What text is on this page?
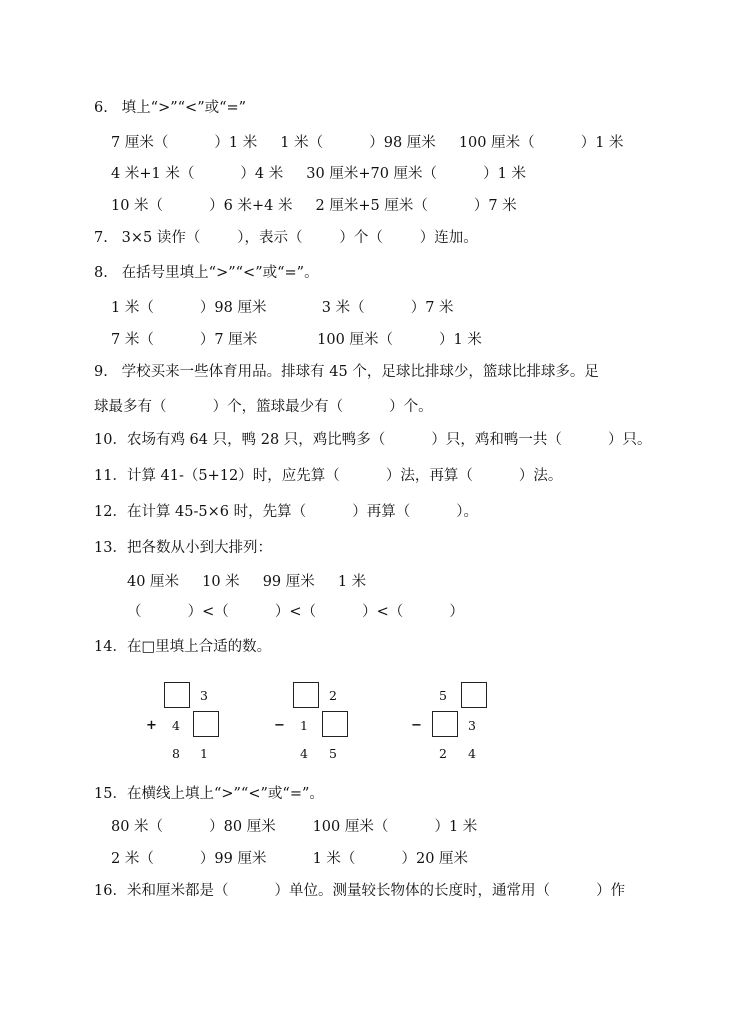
6.   填上“>”“<”或“=”
7 厘米（          ）1 米     1 米（          ）98 厘米     100 厘米（          ）1 米
4 米+1 米（          ）4 米     30 厘米+70 厘米（          ）1 米
10 米（          ）6 米+4 米     2 厘米+5 厘米（          ）7 米
7.   3×5 读作（        ），表示（        ）个（        ）连加。
8.   在括号里填上“>”“<”或“=”。
1 米（          ）98 厘米            3 米（          ）7 米
7 米（          ）7 厘米             100 厘米（          ）1 米
9.   学校买来一些体育用品。排球有 45 个，足球比排球少，篮球比排球多。足
球最多有（          ）个，篮球最少有（          ）个。
10．农场有鸡 64 只，鸭 28 只，鸡比鸭多（          ）只，鸡和鸭一共（          ）只。
11．计算 41-（5+12）时，应先算（          ）法，再算（          ）法。
12．在计算 45-5×6 时，先算（          ）再算（          ）。
13．把各数从小到大排列：
40 厘米     10 米     99 厘米     1 米
（          ）<（          ）<（          ）<（          ）
14．在□里填上合适的数。
3
+ 4
8 1
2
− 1
4 5
5
−	3
2 4
15．在横线上填上“>”“<”或“=”。
80 米（          ）80 厘米        100 厘米（          ）1 米
2 米（          ）99 厘米          1 米（          ）20 厘米
16．米和厘米都是（          ）单位。测量较长物体的长度时，通常用（          ）作
